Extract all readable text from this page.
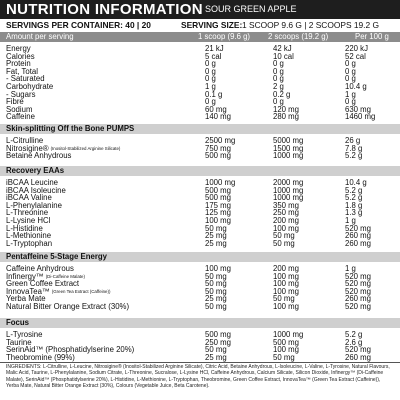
NUTRITION INFORMATION SOUR GREEN APPLE
SERVINGS PER CONTAINER: 40 | 20	SERVING SIZE: 1 SCOOP 9.6 G | 2 SCOOPS 19.2 G
Amount per serving	1 scoop (9.6 g) 2 scoops (19.2 g)	Per 100 g
Energy	21 kJ	42 kJ	220 kJ
Calories	5 cal	10 cal	52 cal
Protein	0 g	0 g	0 g
Fat, Total	0 g	0 g	0 g
- Saturated	0 g	0 g	0 g
Carbohydrate	1 g	2 g	10.4 g
- Sugars	0.1 g	0.2 g	1 g
Fibre	0 g	0 g	0 g
Sodium	60 mg	120 mg	630 mg
Caffeine	140 mg	280 mg	1460 mg
Skin-splitting Off the Bone PUMPS
L-Citrulline	2500 mg	5000 mg	26 g
Nitrosigine® $^{(Inositol-Stabilized Arginine Silicate)}$	750 mg	1500 mg	7.8 g
Betaine Anhydrous	500 mg	1000 mg	5.2 g
Recovery EAAs
iBCAA Leucine	1000 mg	2000 mg	10.4 g
iBCAA Isoleucine	500 mg	1000 mg	5.2 g
iBCAA Valine	500 mg	1000 mg	5.2 g
L-Phenylalanine	175 mg	350 mg	1.8 g
L-Threonine	125 mg	250 mg	1.3 g
L-Lysine HCl	100 mg	200 mg	1 g
L-Histidine	50 mg	100 mg	520 mg
L-Methionine	25 mg	50 mg	260 mg
L-Tryptophan	25 mg	50 mg	260 mg
Pentaffeine 5-Stage Energy
Caffeine Anhydrous	100 mg	200 mg	1 g
Infinergy™ $^{(Di-Caffeine Malate)}$	50 mg	100 mg	520 mg
Green Coffee Extract	50 mg	100 mg	520 mg
InnovaTea™ $^{(Green Tea Extract (Caffeine))}$	50 mg	100 mg	520 mg
Yerba Mate	25 mg	50 mg	260 mg
Natural Bitter Orange Extract (30%)	50 mg	100 mg	520 mg
Focus
L-Tyrosine	500 mg	1000 mg	5.2 g
Taurine	250 mg	500 mg	2.6 g
SerinAid™ (Phosphatidylserine 20%)	50 mg	100 mg	520 mg
Theobromine (99%)	25 mg	50 mg	260 mg
INGREDIENTS: L-Citrulline, L-Leucine, Nitrosigine® (Inositol-Stabilized Arginine Silicate), Citric Acid, Betaine Anhydrous, L-Isoleucine, L-Valine, L-Tyrosine, Natural Flavours, Malic Acid, Taurine, L-Phenylalanine, Sodium Citrate, L-Threonine, Sucralose, L-Lysine HCl, Caffeine Anhydrous, Calcium Silicate, Silicon Dioxide, Infinergy™ (Di-Caffeine Malate), SerinAid™ (Phosphatidylserine 20%), L-Histidine, L-Methionine, L-Tryptophan, Theobromine, Green Coffee Extract, InnovaTea™ (Green Tea Extract (Caffeine)), Yerba Mate, Natural Bitter Orange Extract (30%), Colours (Vegetable Juice, Beta Carotene).
